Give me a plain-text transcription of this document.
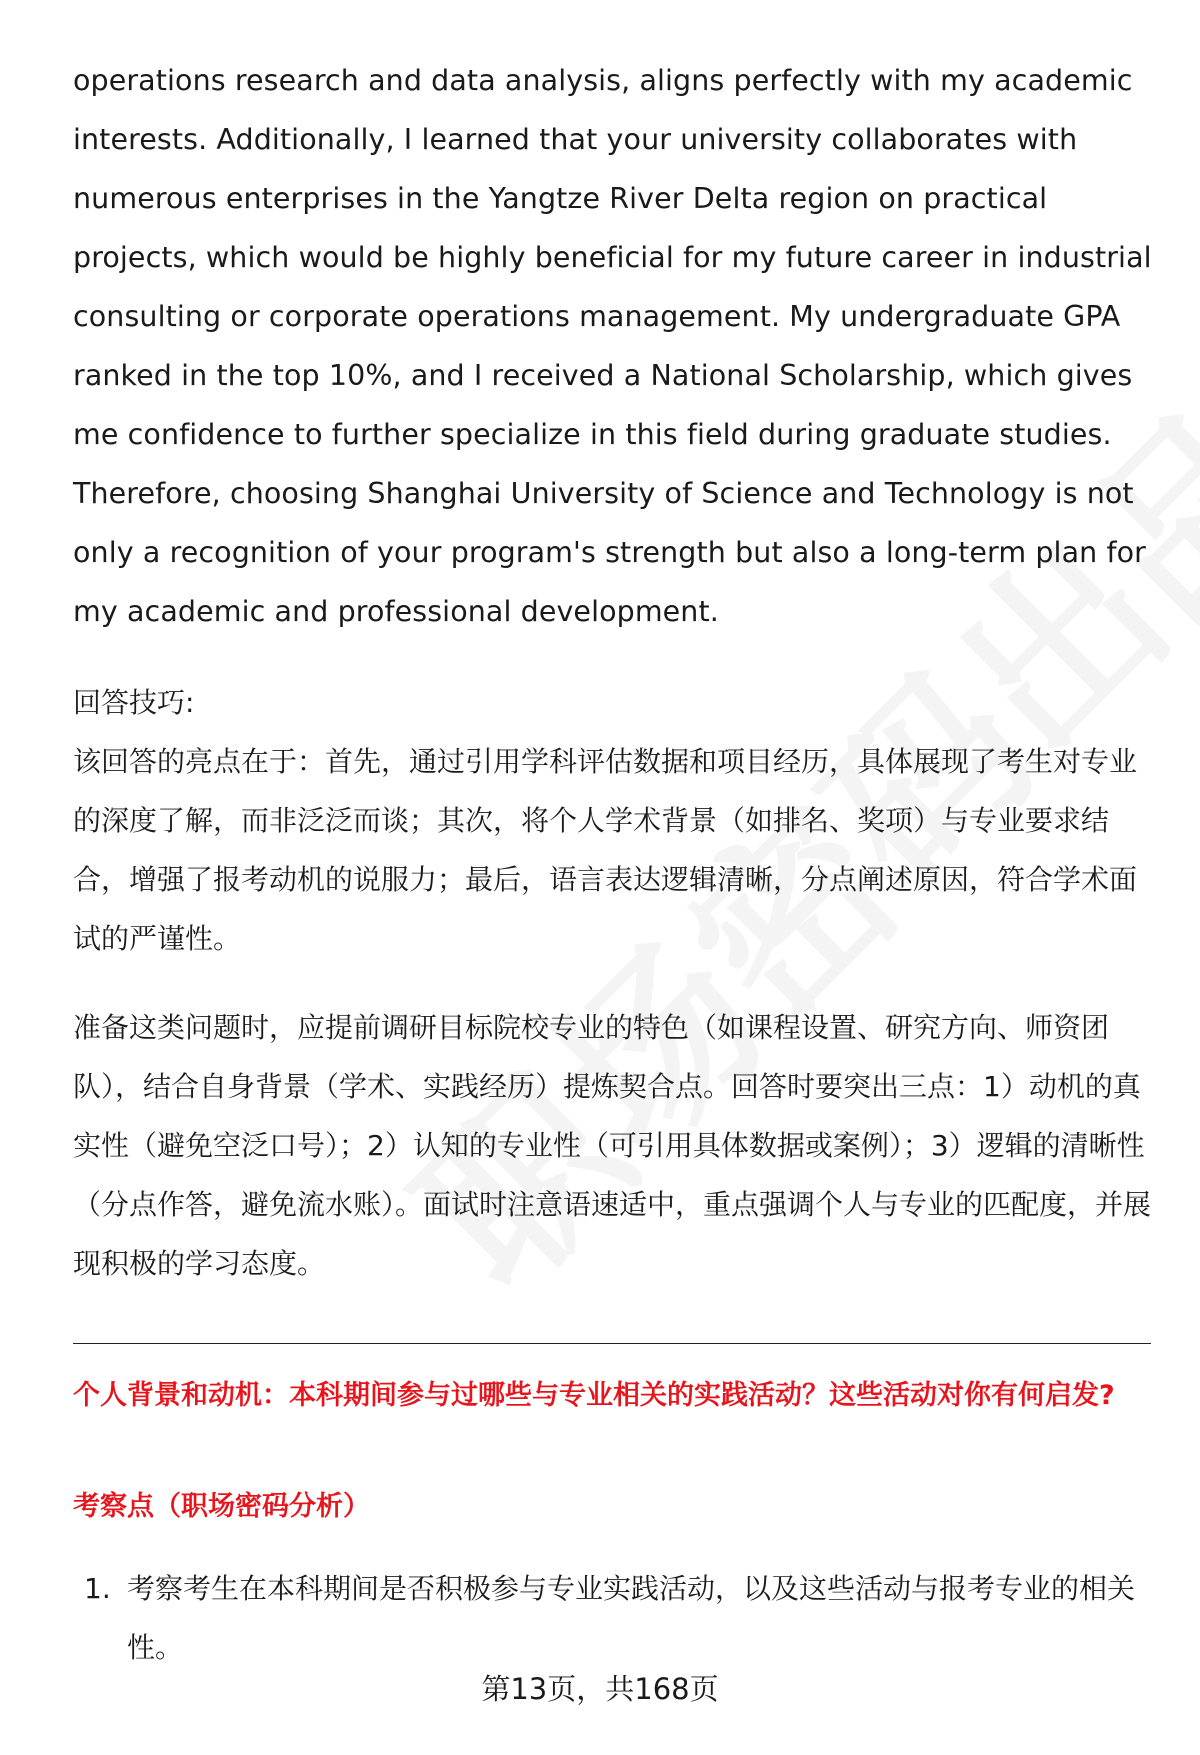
operations research and data analysis, aligns perfectly with my academic

interests. Additionally, I learned that your university collaborates with

numerous enterprises in the Yangtze River Delta region on practical

projects, which would be highly beneficial for my future career in industrial

consulting or corporate operations management. My undergraduate GPA

ranked in the top 10%, and I received a National Scholarship, which gives

me confidence to further specialize in this field during graduate studies.

Therefore, choosing Shanghai University of Science and Technology is not

only a recognition of your program's strength but also a long-term plan for

my academic and professional development.

回答技巧:
该回答的亮点在于：首先，通过引用学科评估数据和项目经历，具体展现了考生对专业的深度了解，而非泛泛而谈；其次，将个人学术背景（如排名、奖项）与专业要求结合，增强了报考动机的说服力；最后，语言表达逻辑清晰，分点阐述原因，符合学术面试的严谨性。
准备这类问题时，应提前调研目标院校专业的特色（如课程设置、研究方向、师资团队），结合自身背景（学术、实践经历）提炼契合点。回答时要突出三点：1）动机的真实性（避免空泛口号）；2）认知的专业性（可引用具体数据或案例）；3）逻辑的清晰性（分点作答，避免流水账）。面试时注意语速适中，重点强调个人与专业的匹配度，并展现积极的学习态度。
个人背景和动机：本科期间参与过哪些与专业相关的实践活动？这些活动对你有何启发?
考察点（职场密码分析）
1. 考察考生在本科期间是否积极参与专业实践活动，以及这些活动与报考专业的相关性。
第13页，共168页
